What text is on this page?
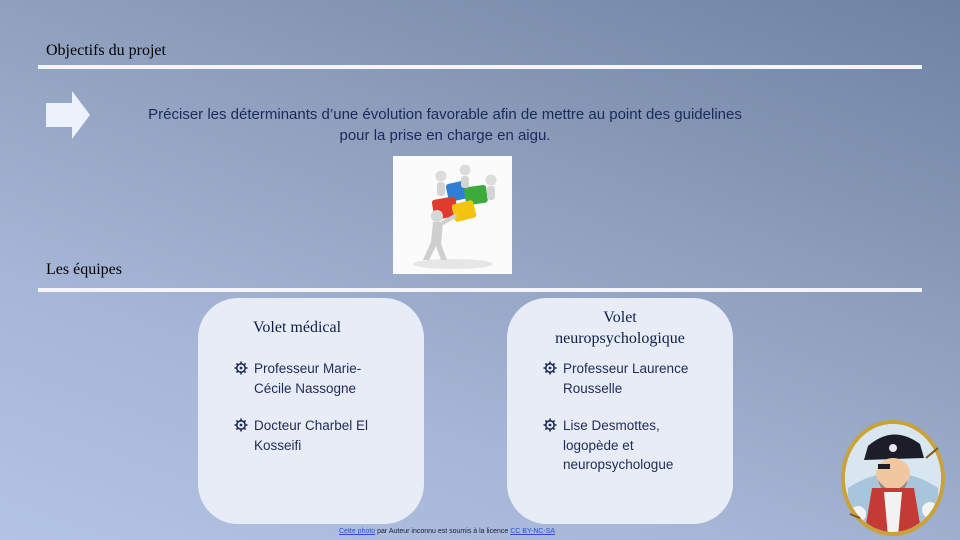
Objectifs du projet
Préciser les déterminants d’une évolution favorable afin de mettre au point des guidelines
pour la prise en charge en aigu.
Les équipes
Volet médical
Professeur Marie-
Cécile Nassogne
Docteur Charbel El
Kosseifi
Volet
neuropsychologique
Professeur Laurence
Rousselle
Lise Desmottes,
logopède et
neuropsychologue
Cette photo par Auteur inconnu est soumis à la licence CC BY-NC-SA
